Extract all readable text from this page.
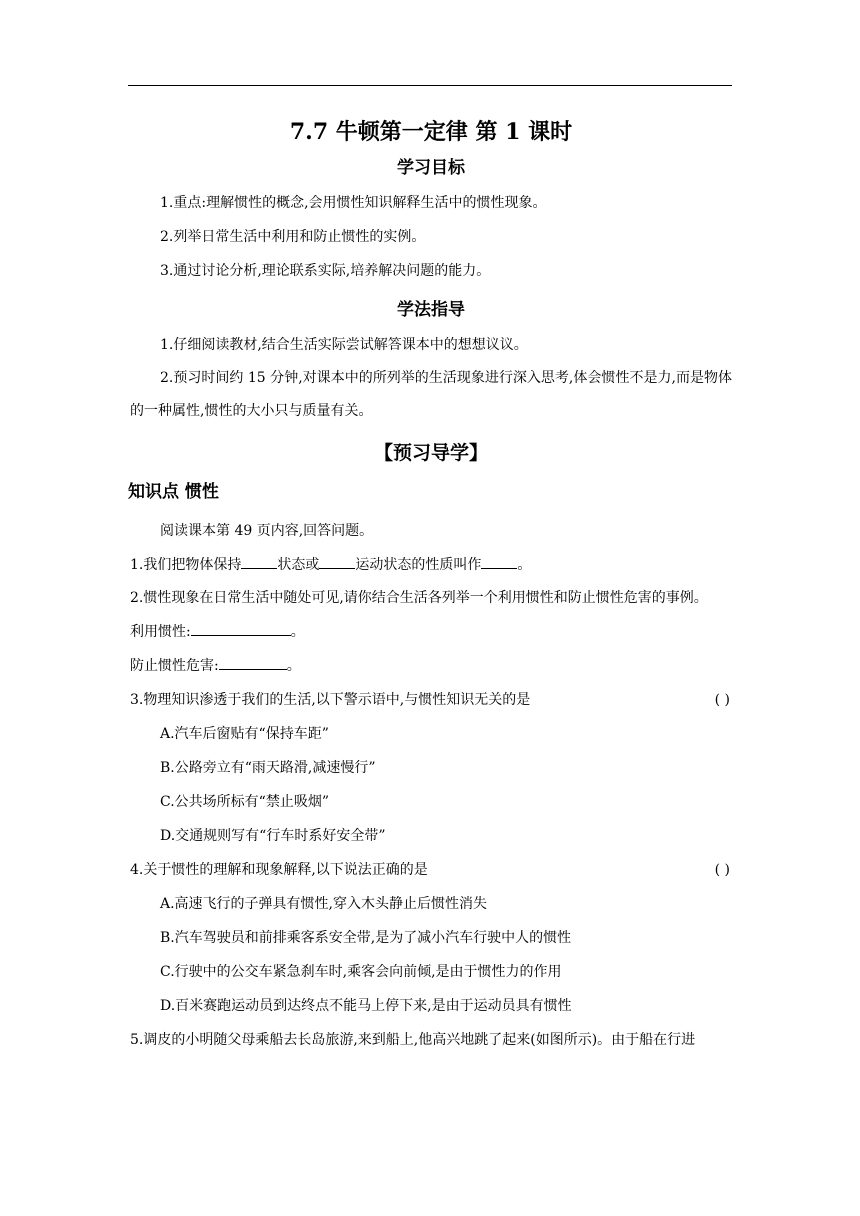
7.7 牛顿第一定律 第 1 课时
学习目标
1.重点:理解惯性的概念,会用惯性知识解释生活中的惯性现象。
2.列举日常生活中利用和防止惯性的实例。
3.通过讨论分析,理论联系实际,培养解决问题的能力。
学法指导
1.仔细阅读教材,结合生活实际尝试解答课本中的想想议议。
2.预习时间约 15 分钟,对课本中的所列举的生活现象进行深入思考,体会惯性不是力,而是物体的一种属性,惯性的大小只与质量有关。
【预习导学】
知识点 惯性
阅读课本第 49 页内容,回答问题。
1.我们把物体保持	状态或	运动状态的性质叫作	。
2.惯性现象在日常生活中随处可见,请你结合生活各列举一个利用惯性和防止惯性危害的事例。
利用惯性:	。
防止惯性危害:	。
3.物理知识渗透于我们的生活,以下警示语中,与惯性知识无关的是	( )
A.汽车后窗贴有“保持车距”
B.公路旁立有“雨天路滑,减速慢行”
C.公共场所标有“禁止吸烟”
D.交通规则写有“行车时系好安全带”
4.关于惯性的理解和现象解释,以下说法正确的是	( )
A.高速飞行的子弹具有惯性,穿入木头静止后惯性消失
B.汽车驾驶员和前排乘客系安全带,是为了减小汽车行驶中人的惯性
C.行驶中的公交车紧急刹车时,乘客会向前倾,是由于惯性力的作用
D.百米赛跑运动员到达终点不能马上停下来,是由于运动员具有惯性
5.调皮的小明随父母乘船去长岛旅游,来到船上,他高兴地跳了起来(如图所示)。由于船在行进
